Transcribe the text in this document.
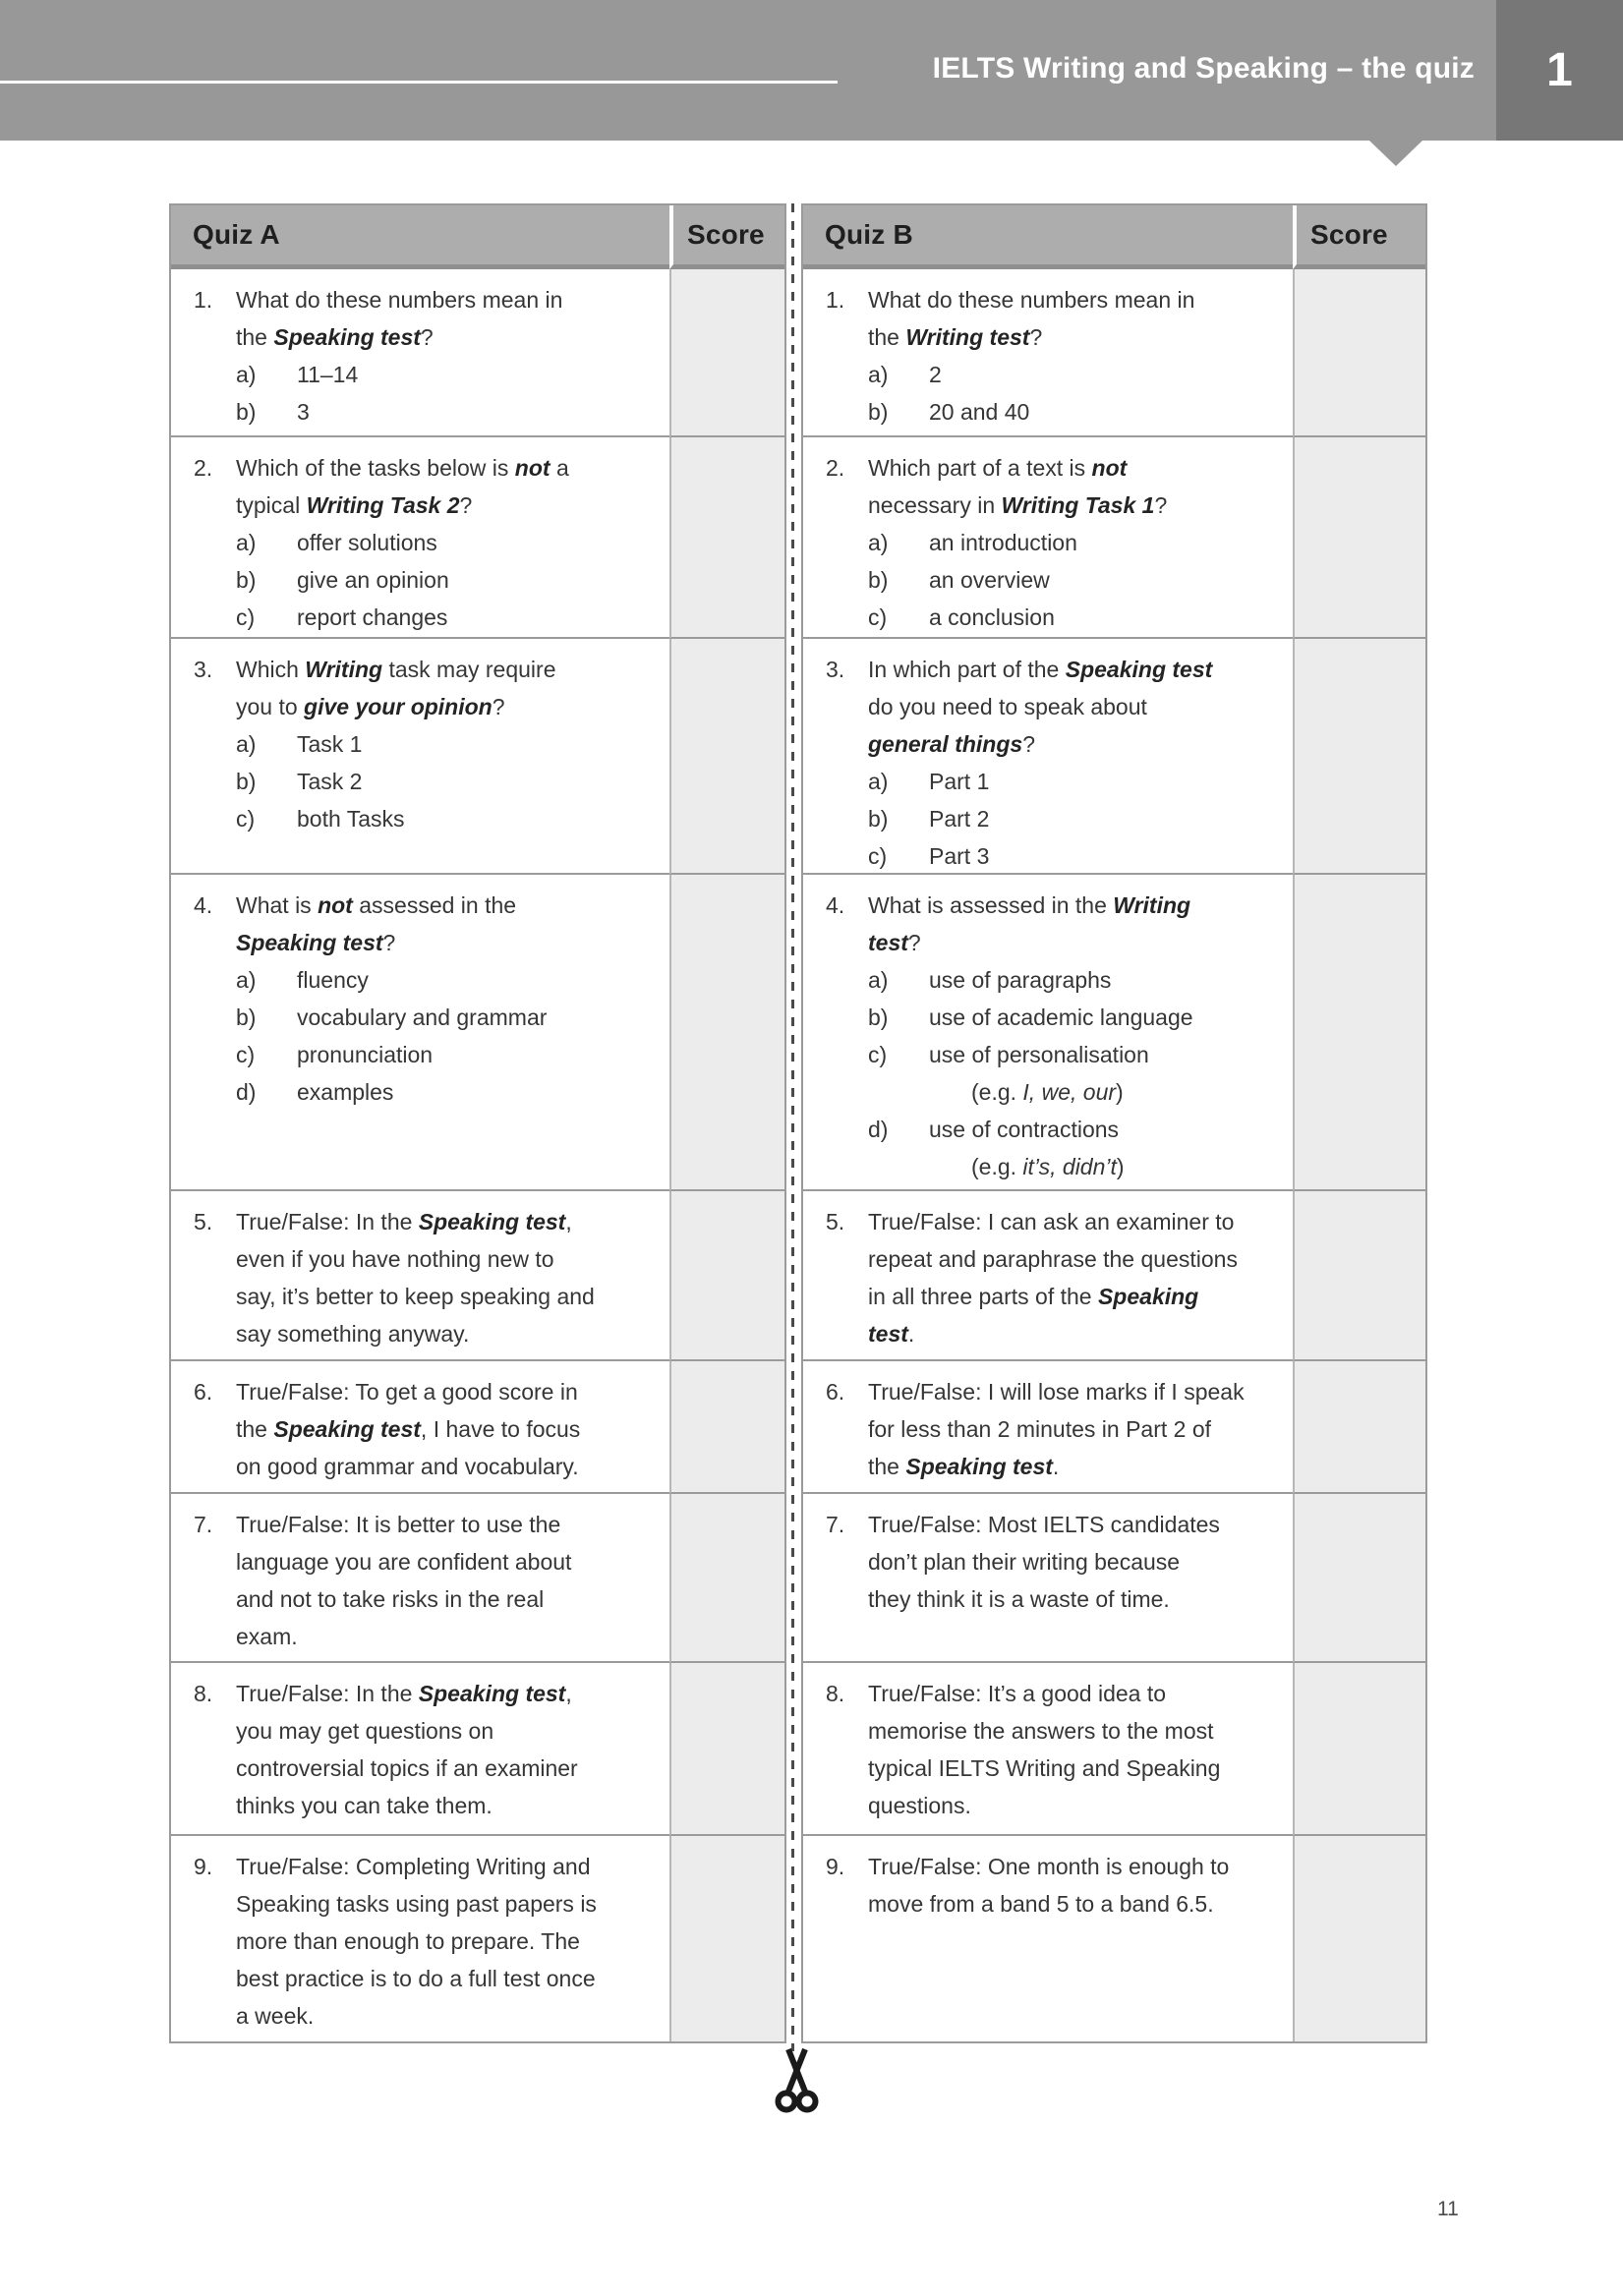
IELTS Writing and Speaking – the quiz 1
Quiz A	Score
1.	What do these numbers mean in
the Speaking test?
a)	11–14
b)	3
2.	Which of the tasks below is not a
typical Writing Task 2?
a)	offer solutions
b)	give an opinion
c)	report changes
3.	Which Writing task may require
you to give your opinion?
a)	Task 1
b)	Task 2
c)	both Tasks
4.	What is not assessed in the
Speaking test?
a)	fluency
b)	vocabulary and grammar
c)	pronunciation
d)	examples
5.	True/False: In the Speaking test,
even if you have nothing new to
say, it’s better to keep speaking and
say something anyway.
6.	True/False: To get a good score in
the Speaking test, I have to focus
on good grammar and vocabulary.
7.	True/False: It is better to use the
language you are confident about
and not to take risks in the real
exam.
8.	True/False: In the Speaking test,
you may get questions on
controversial topics if an examiner
thinks you can take them.
9.	True/False: Completing Writing and
Speaking tasks using past papers is
more than enough to prepare. The
best practice is to do a full test once
a week.
Quiz B	Score
1.	What do these numbers mean in
the Writing test?
a)	2
b)	20 and 40
2.	Which part of a text is not
necessary in Writing Task 1?
a)	an introduction
b)	an overview
c)	a conclusion
3.	In which part of the Speaking test
do you need to speak about
general things?
a)	Part 1
b)	Part 2
c)	Part 3
4.	What is assessed in the Writing
test?
a)	use of paragraphs
b)	use of academic language
c)	use of personalisation
(e.g. I, we, our)
d)	use of contractions
(e.g. it’s, didn’t)
5.	True/False: I can ask an examiner to
repeat and paraphrase the questions
in all three parts of the Speaking
test.
6.	True/False: I will lose marks if I speak
for less than 2 minutes in Part 2 of
the Speaking test.
7.	True/False: Most IELTS candidates
don’t plan their writing because
they think it is a waste of time.
8.	True/False: It’s a good idea to
memorise the answers to the most
typical IELTS Writing and Speaking
questions.
9.	True/False: One month is enough to
move from a band 5 to a band 6.5.
11
